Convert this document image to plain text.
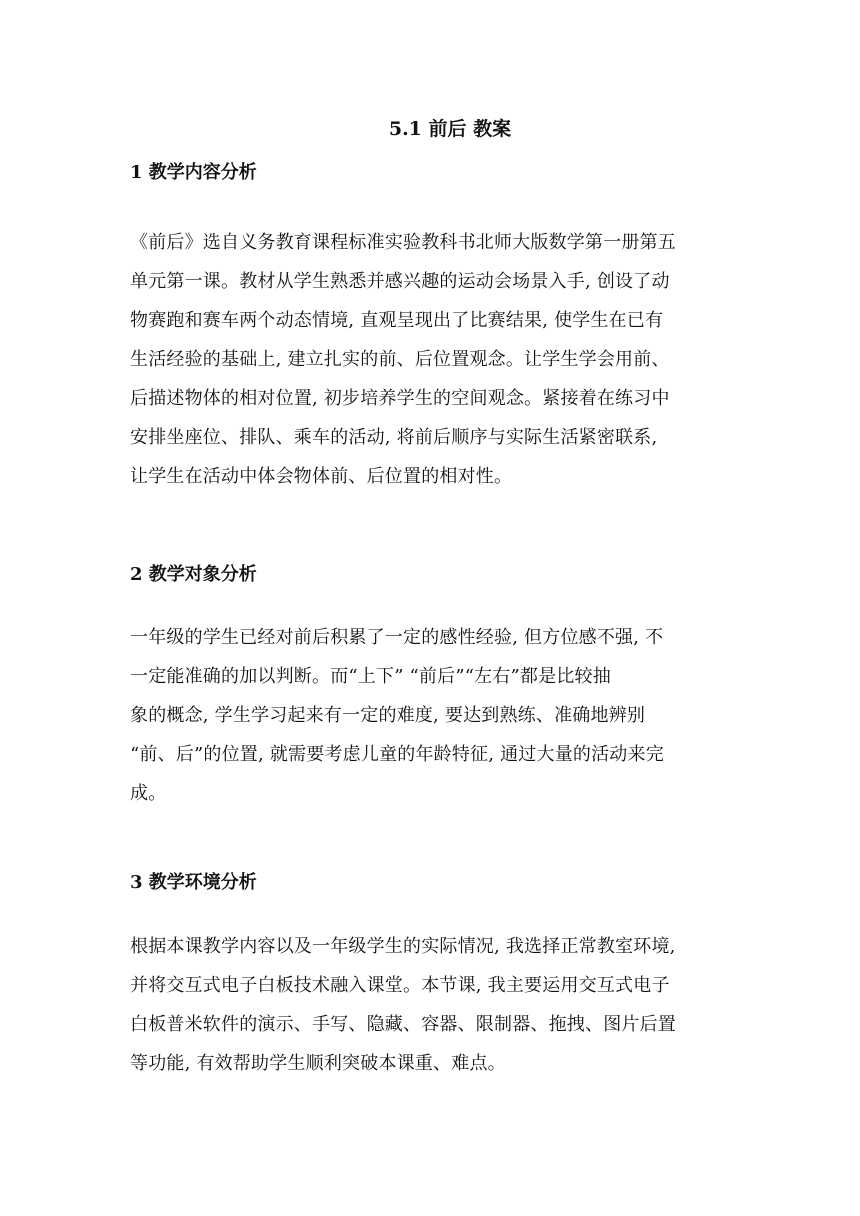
5.1 前后 教案
1 教学内容分析
《前后》选自义务教育课程标准实验教科书北师大版数学第一册第五
单元第一课。教材从学生熟悉并感兴趣的运动会场景入手, 创设了动
物赛跑和赛车两个动态情境, 直观呈现出了比赛结果, 使学生在已有
生活经验的基础上, 建立扎实的前、后位置观念。让学生学会用前、
后描述物体的相对位置, 初步培养学生的空间观念。紧接着在练习中
安排坐座位、排队、乘车的活动, 将前后顺序与实际生活紧密联系,
让学生在活动中体会物体前、后位置的相对性。
2 教学对象分析
一年级的学生已经对前后积累了一定的感性经验, 但方位感不强, 不
一定能准确的加以判断。而“上下” “前后”“左右”都是比较抽
象的概念, 学生学习起来有一定的难度, 要达到熟练、准确地辨别
“前、后”的位置, 就需要考虑儿童的年龄特征, 通过大量的活动来完
成。
3 教学环境分析
根据本课教学内容以及一年级学生的实际情况, 我选择正常教室环境,
并将交互式电子白板技术融入课堂。本节课, 我主要运用交互式电子
白板普米软件的演示、手写、隐藏、容器、限制器、拖拽、图片后置
等功能, 有效帮助学生顺利突破本课重、难点。
